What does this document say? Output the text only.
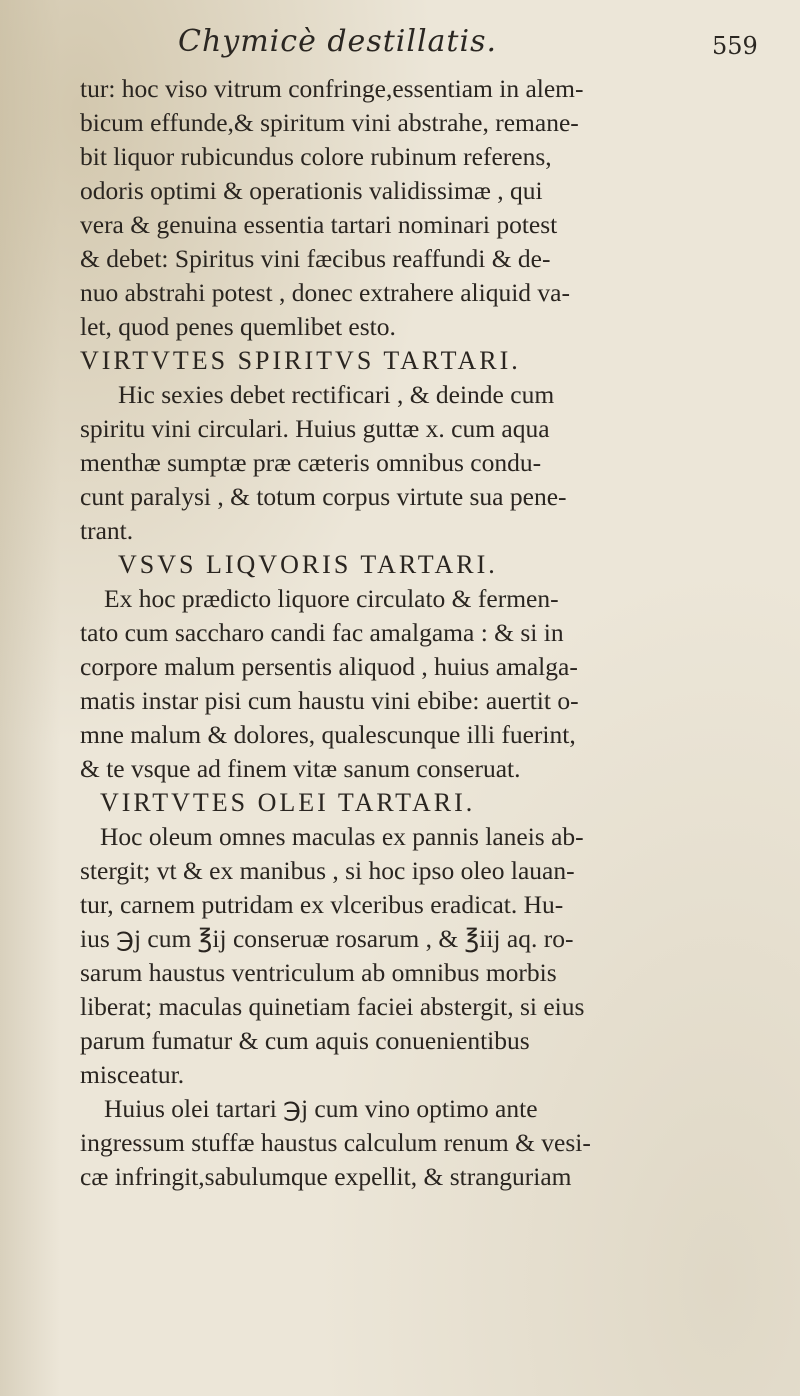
Chymicè destillatis.	559
tur: hoc viso vitrum confringe,essentiam in alem-
bicum effunde,& spiritum vini abstrahe, remane-
bit liquor rubicundus colore rubinum referens,
odoris optimi & operationis validissimæ , qui
vera & genuina essentia tartari nominari potest
& debet: Spiritus vini fæcibus reaffundi & de-
nuo abstrahi potest , donec extrahere aliquid va-
let, quod penes quemlibet esto.
VIRTVTES SPIRITVS TARTARI.
Hic sexies debet rectificari , & deinde cum
spiritu vini circulari. Huius guttæ x. cum aqua
menthæ sumptæ præ cæteris omnibus condu-
cunt paralysi , & totum corpus virtute sua pene-
trant.
VSVS LIQVORIS TARTARI.
Ex hoc prædicto liquore circulato & fermen-
tato cum saccharo candi fac amalgama : & si in
corpore malum persentis aliquod , huius amalga-
matis instar pisi cum haustu vini ebibe: auertit o-
mne malum & dolores, qualescunque illi fuerint,
& te vsque ad finem vitæ sanum conseruat.
VIRTVTES OLEI TARTARI.
Hoc oleum omnes maculas ex pannis laneis ab-
stergit; vt & ex manibus , si hoc ipso oleo lauan-
tur, carnem putridam ex vlceribus eradicat. Hu-
ius ℈j cum ℥ij conseruæ rosarum , & ℥iij aq. ro-
sarum haustus ventriculum ab omnibus morbis
liberat; maculas quinetiam faciei abstergit, si eius
parum fumatur & cum aquis conuenientibus
misceatur.
Huius olei tartari ℈j cum vino optimo ante
ingressum stuffæ haustus calculum renum & vesi-
cæ infringit,sabulumque expellit, & stranguriam
